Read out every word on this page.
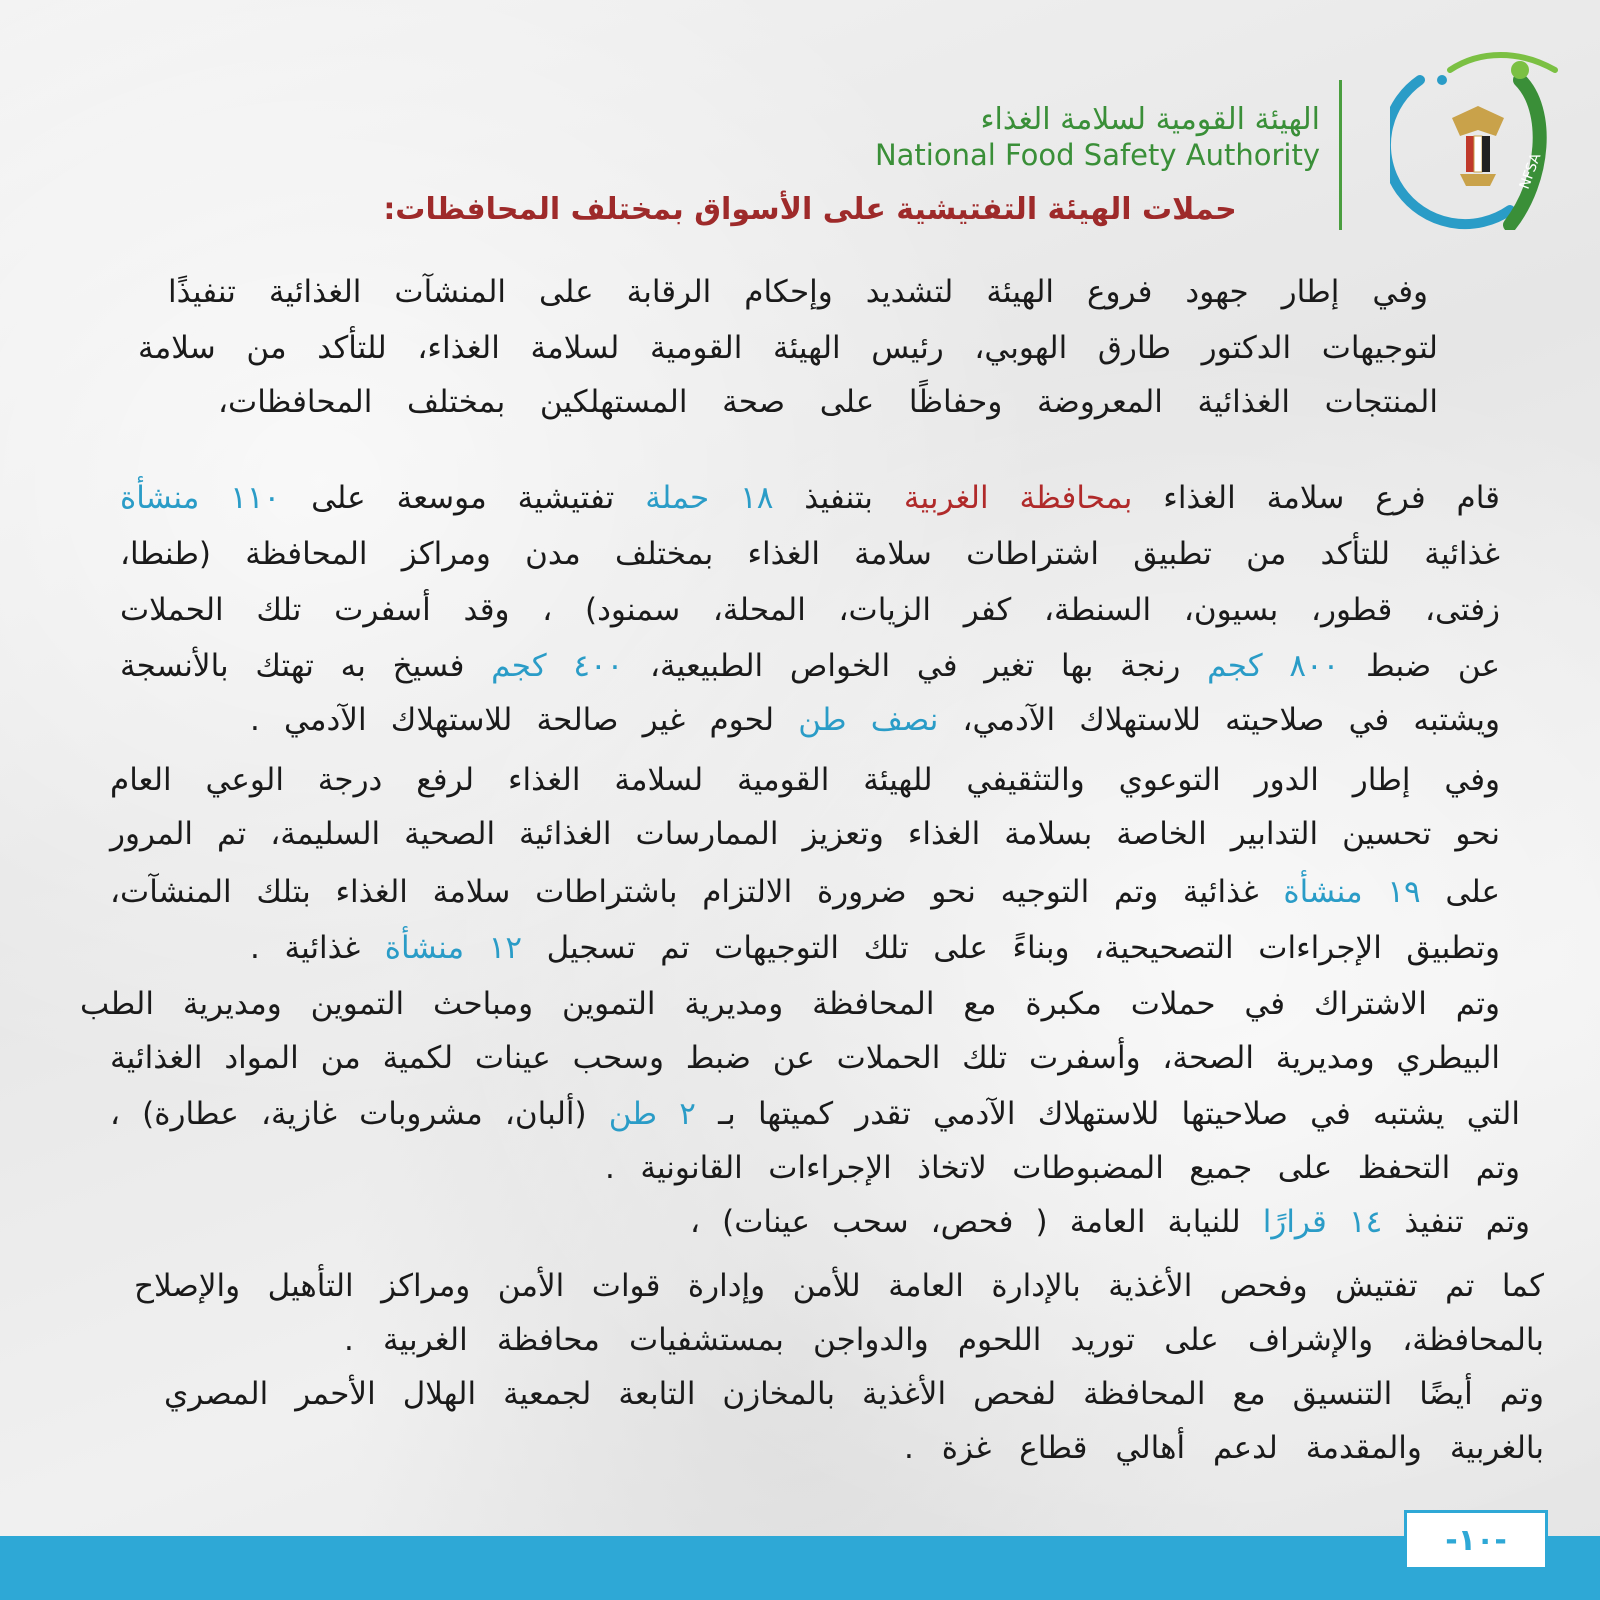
الهيئة القومية لسلامة الغذاء
National Food Safety Authority	NFSA
حملات الهيئة التفتيشية على الأسواق بمختلف المحافظات:
وفي إطار جهود فروع الهيئة لتشديد وإحكام الرقابة على المنشآت الغذائية تنفيذًا
لتوجيهات الدكتور طارق الهوبي، رئيس الهيئة القومية لسلامة الغذاء، للتأكد من سلامة
المنتجات الغذائية المعروضة وحفاظًا على صحة المستهلكين بمختلف المحافظات،
قام فرع سلامة الغذاء بمحافظة الغربية بتنفيذ ١٨ حملة تفتيشية موسعة على ١١٠ منشأة
غذائية للتأكد من تطبيق اشتراطات سلامة الغذاء بمختلف مدن ومراكز المحافظة (طنطا،
زفتى، قطور، بسيون، السنطة، كفر الزيات، المحلة، سمنود) ، وقد أسفرت تلك الحملات
عن ضبط ٨٠٠ كجم رنجة بها تغير في الخواص الطبيعية، ٤٠٠ كجم فسيخ به تهتك بالأنسجة
ويشتبه في صلاحيته للاستهلاك الآدمي، نصف طن لحوم غير صالحة للاستهلاك الآدمي .
وفي إطار الدور التوعوي والتثقيفي للهيئة القومية لسلامة الغذاء لرفع درجة الوعي العام
نحو تحسين التدابير الخاصة بسلامة الغذاء وتعزيز الممارسات الغذائية الصحية السليمة، تم المرور
على ١٩ منشأة غذائية وتم التوجيه نحو ضرورة الالتزام باشتراطات سلامة الغذاء بتلك المنشآت،
وتطبيق الإجراءات التصحيحية، وبناءً على تلك التوجيهات تم تسجيل ١٢ منشأة غذائية .
وتم الاشتراك في حملات مكبرة مع المحافظة ومديرية التموين ومباحث التموين ومديرية الطب
البيطري ومديرية الصحة، وأسفرت تلك الحملات عن ضبط وسحب عينات لكمية من المواد الغذائية
التي يشتبه في صلاحيتها للاستهلاك الآدمي تقدر كميتها بـ ٢ طن (ألبان، مشروبات غازية، عطارة) ،
وتم التحفظ على جميع المضبوطات لاتخاذ الإجراءات القانونية .
وتم تنفيذ ١٤ قرارًا للنيابة العامة ( فحص، سحب عينات) ،
كما تم تفتيش وفحص الأغذية بالإدارة العامة للأمن وإدارة قوات الأمن ومراكز التأهيل والإصلاح
بالمحافظة، والإشراف على توريد اللحوم والدواجن بمستشفيات محافظة الغربية .
وتم أيضًا التنسيق مع المحافظة لفحص الأغذية بالمخازن التابعة لجمعية الهلال الأحمر المصري
بالغربية والمقدمة لدعم أهالي قطاع غزة .
-١٠-
